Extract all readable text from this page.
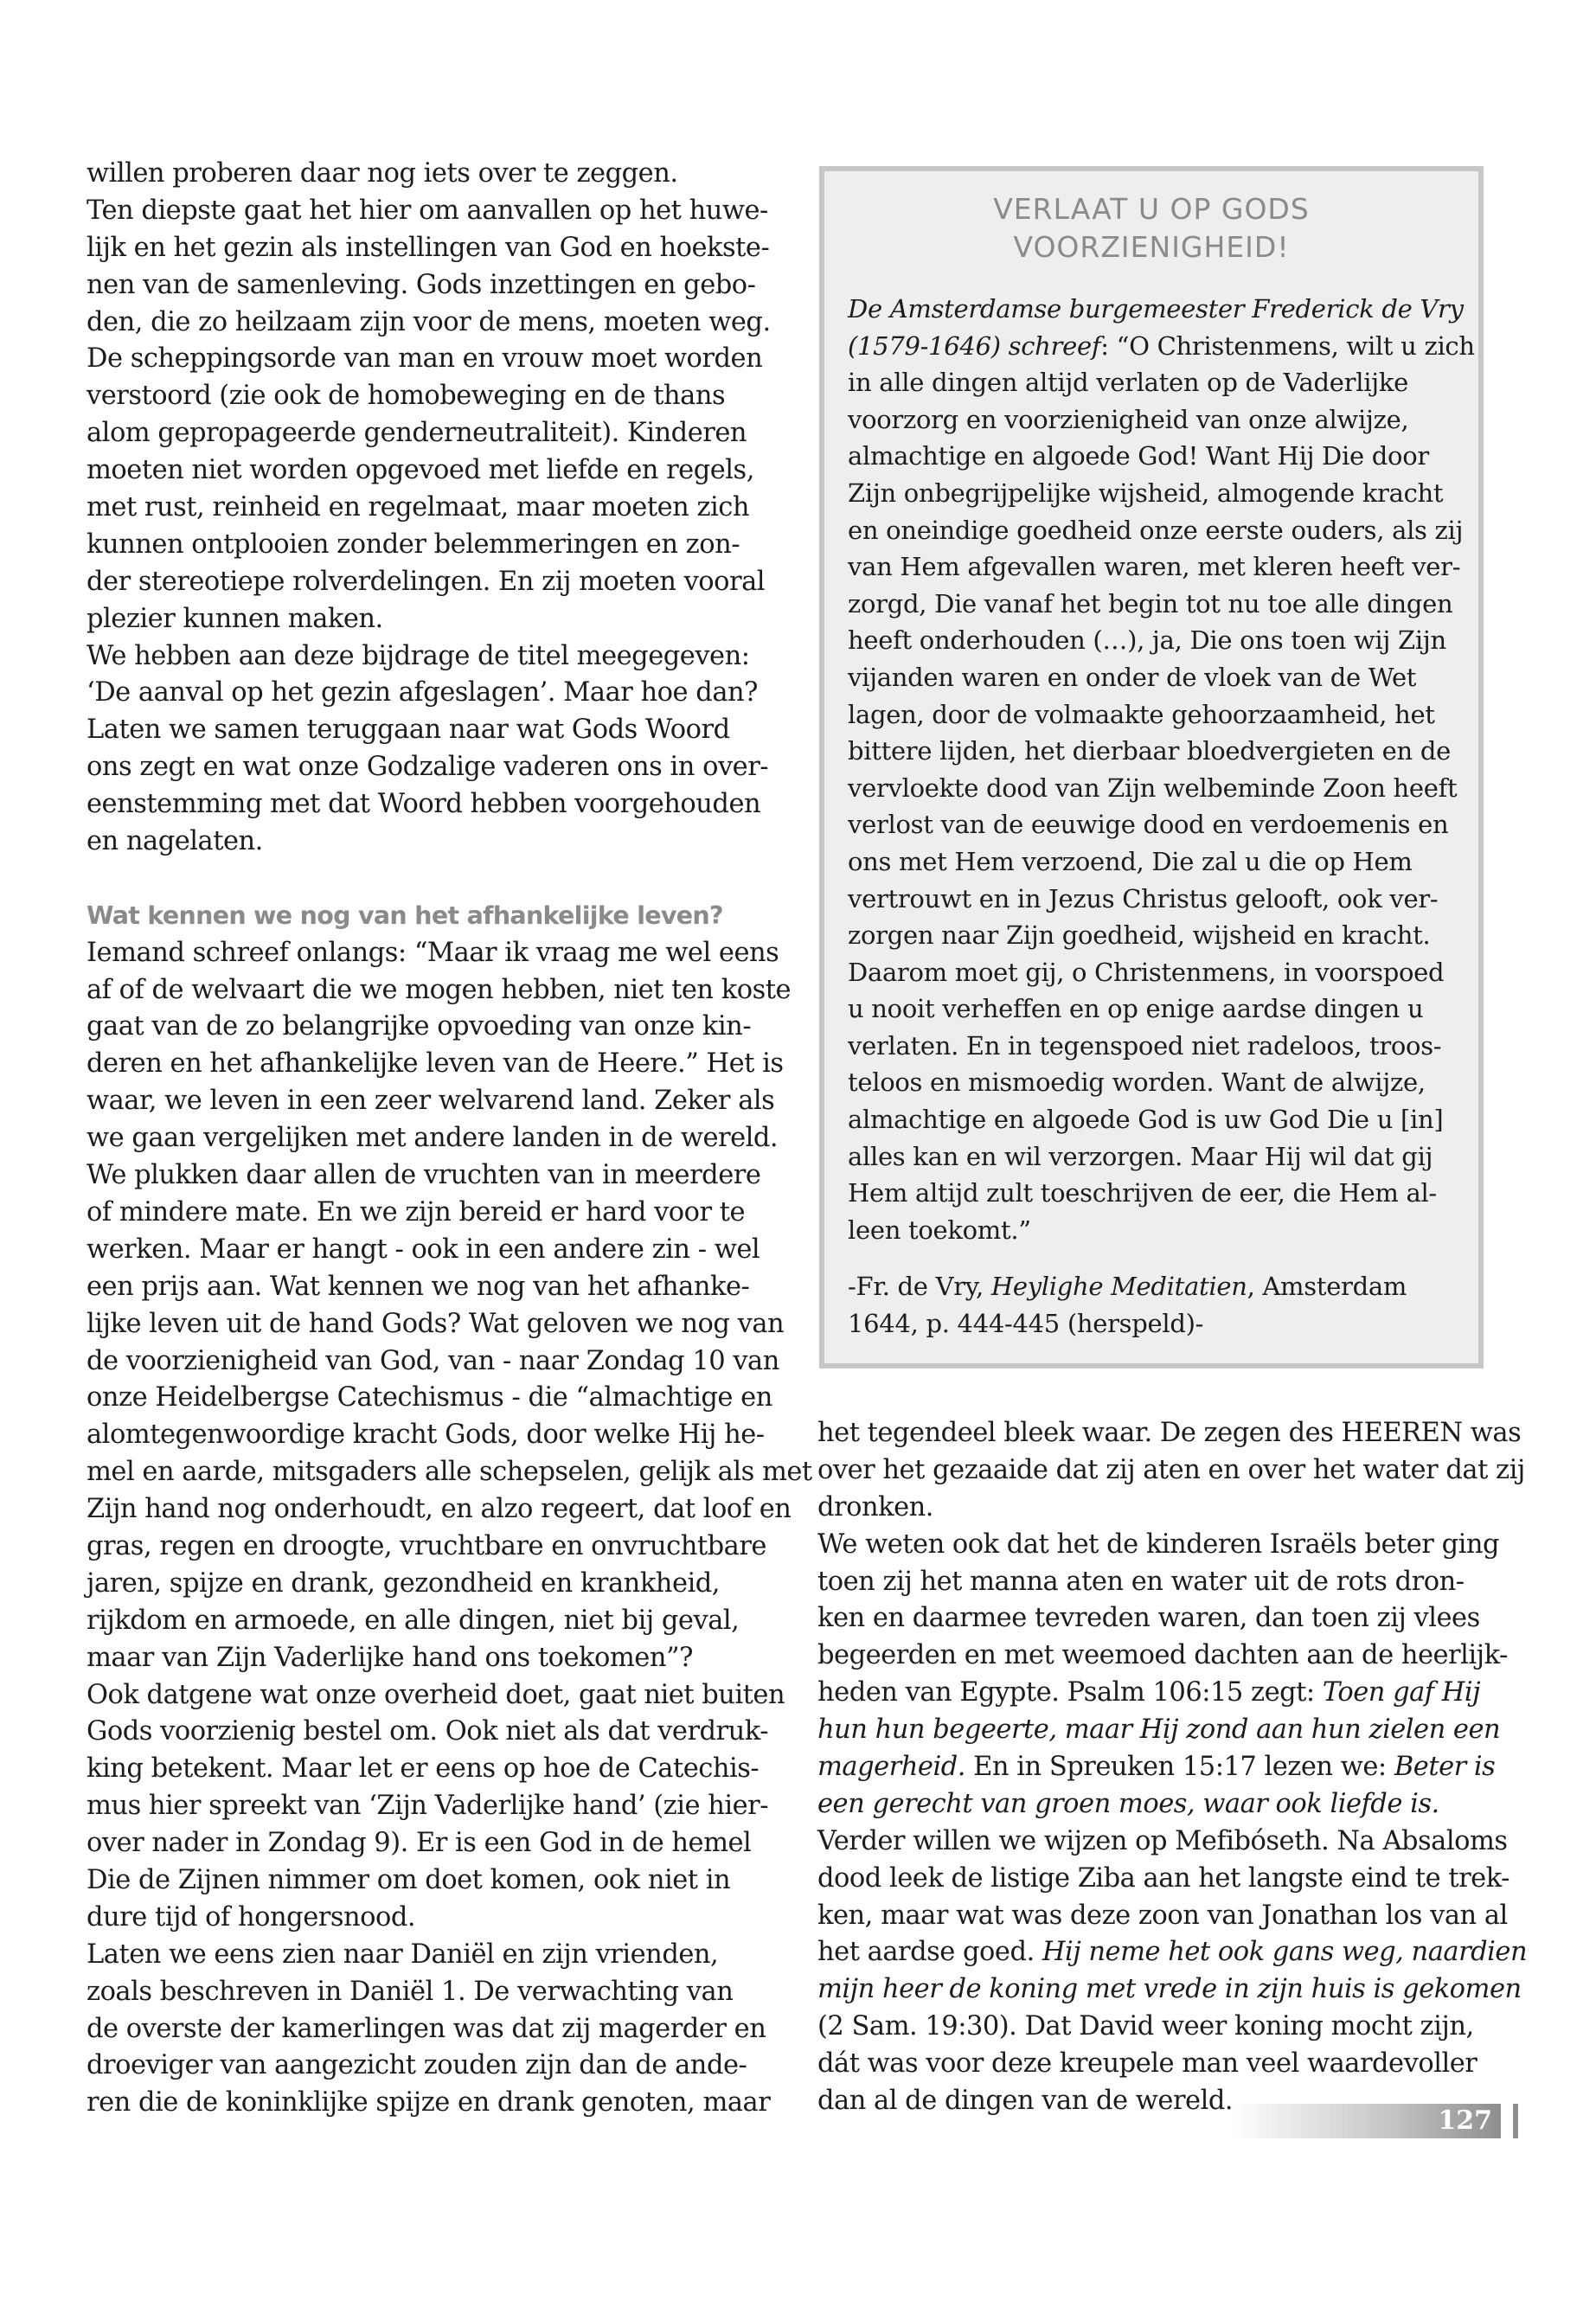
willen proberen daar nog iets over te zeggen.
Ten diepste gaat het hier om aanvallen op het huwe-
lijk en het gezin als instellingen van God en hoekste-
nen van de samenleving. Gods inzettingen en gebo-
den, die zo heilzaam zijn voor de mens, moeten weg.
De scheppingsorde van man en vrouw moet worden
verstoord (zie ook de homobeweging en de thans
alom gepropageerde genderneutraliteit). Kinderen
moeten niet worden opgevoed met liefde en regels,
met rust, reinheid en regelmaat, maar moeten zich
kunnen ontplooien zonder belemmeringen en zon-
der stereotiepe rolverdelingen. En zij moeten vooral
plezier kunnen maken.
We hebben aan deze bijdrage de titel meegegeven:
‘De aanval op het gezin afgeslagen’. Maar hoe dan?
Laten we samen teruggaan naar wat Gods Woord
ons zegt en wat onze Godzalige vaderen ons in over-
eenstemming met dat Woord hebben voorgehouden
en nagelaten.
Wat kennen we nog van het afhankelijke leven?
Iemand schreef onlangs: “Maar ik vraag me wel eens
af of de welvaart die we mogen hebben, niet ten koste
gaat van de zo belangrijke opvoeding van onze kin-
deren en het afhankelijke leven van de Heere.” Het is
waar, we leven in een zeer welvarend land. Zeker als
we gaan vergelijken met andere landen in de wereld.
We plukken daar allen de vruchten van in meerdere
of mindere mate. En we zijn bereid er hard voor te
werken. Maar er hangt - ook in een andere zin - wel
een prijs aan. Wat kennen we nog van het afhanke-
lijke leven uit de hand Gods? Wat geloven we nog van
de voorzienigheid van God, van - naar Zondag 10 van
onze Heidelbergse Catechismus - die “almachtige en
alomtegenwoordige kracht Gods, door welke Hij he-
mel en aarde, mitsgaders alle schepselen, gelijk als met
Zijn hand nog onderhoudt, en alzo regeert, dat loof en
gras, regen en droogte, vruchtbare en onvruchtbare
jaren, spijze en drank, gezondheid en krankheid,
rijkdom en armoede, en alle dingen, niet bij geval,
maar van Zijn Vaderlijke hand ons toekomen”?
Ook datgene wat onze overheid doet, gaat niet buiten
Gods voorzienig bestel om. Ook niet als dat verdruk-
king betekent. Maar let er eens op hoe de Catechis-
mus hier spreekt van ‘Zijn Vaderlijke hand’ (zie hier-
over nader in Zondag 9). Er is een God in de hemel
Die de Zijnen nimmer om doet komen, ook niet in
dure tijd of hongersnood.
Laten we eens zien naar Daniël en zijn vrienden,
zoals beschreven in Daniël 1. De verwachting van
de overste der kamerlingen was dat zij magerder en
droeviger van aangezicht zouden zijn dan de ande-
ren die de koninklijke spijze en drank genoten, maar
VERLAAT U OP GODS
VOORZIENIGHEID!
De Amsterdamse burgemeester Frederick de Vry
(1579-1646) schreef: “O Christenmens, wilt u zich
in alle dingen altijd verlaten op de Vaderlijke
voorzorg en voorzienigheid van onze alwijze,
almachtige en algoede God! Want Hij Die door
Zijn onbegrijpelijke wijsheid, almogende kracht
en oneindige goedheid onze eerste ouders, als zij
van Hem afgevallen waren, met kleren heeft ver-
zorgd, Die vanaf het begin tot nu toe alle dingen
heeft onderhouden (…), ja, Die ons toen wij Zijn
vijanden waren en onder de vloek van de Wet
lagen, door de volmaakte gehoorzaamheid, het
bittere lijden, het dierbaar bloedvergieten en de
vervloekte dood van Zijn welbeminde Zoon heeft
verlost van de eeuwige dood en verdoemenis en
ons met Hem verzoend, Die zal u die op Hem
vertrouwt en in Jezus Christus gelooft, ook ver-
zorgen naar Zijn goedheid, wijsheid en kracht.
Daarom moet gij, o Christenmens, in voorspoed
u nooit verheffen en op enige aardse dingen u
verlaten. En in tegenspoed niet radeloos, troos-
teloos en mismoedig worden. Want de alwijze,
almachtige en algoede God is uw God Die u [in]
alles kan en wil verzorgen. Maar Hij wil dat gij
Hem altijd zult toeschrijven de eer, die Hem al-
leen toekomt.”
-Fr. de Vry, Heylighe Meditatien, Amsterdam
1644, p. 444-445 (herspeld)-
het tegendeel bleek waar. De zegen des HEEREN was
over het gezaaide dat zij aten en over het water dat zij
dronken.
We weten ook dat het de kinderen Israëls beter ging
toen zij het manna aten en water uit de rots dron-
ken en daarmee tevreden waren, dan toen zij vlees
begeerden en met weemoed dachten aan de heerlijk-
heden van Egypte. Psalm 106:15 zegt: Toen gaf Hij
hun hun begeerte, maar Hij zond aan hun zielen een
magerheid. En in Spreuken 15:17 lezen we: Beter is
een gerecht van groen moes, waar ook liefde is.
Verder willen we wijzen op Mefibóseth. Na Absaloms
dood leek de listige Ziba aan het langste eind te trek-
ken, maar wat was deze zoon van Jonathan los van al
het aardse goed. Hij neme het ook gans weg, naardien
mijn heer de koning met vrede in zijn huis is gekomen
(2 Sam. 19:30). Dat David weer koning mocht zijn,
dát was voor deze kreupele man veel waardevoller
dan al de dingen van de wereld.
127
